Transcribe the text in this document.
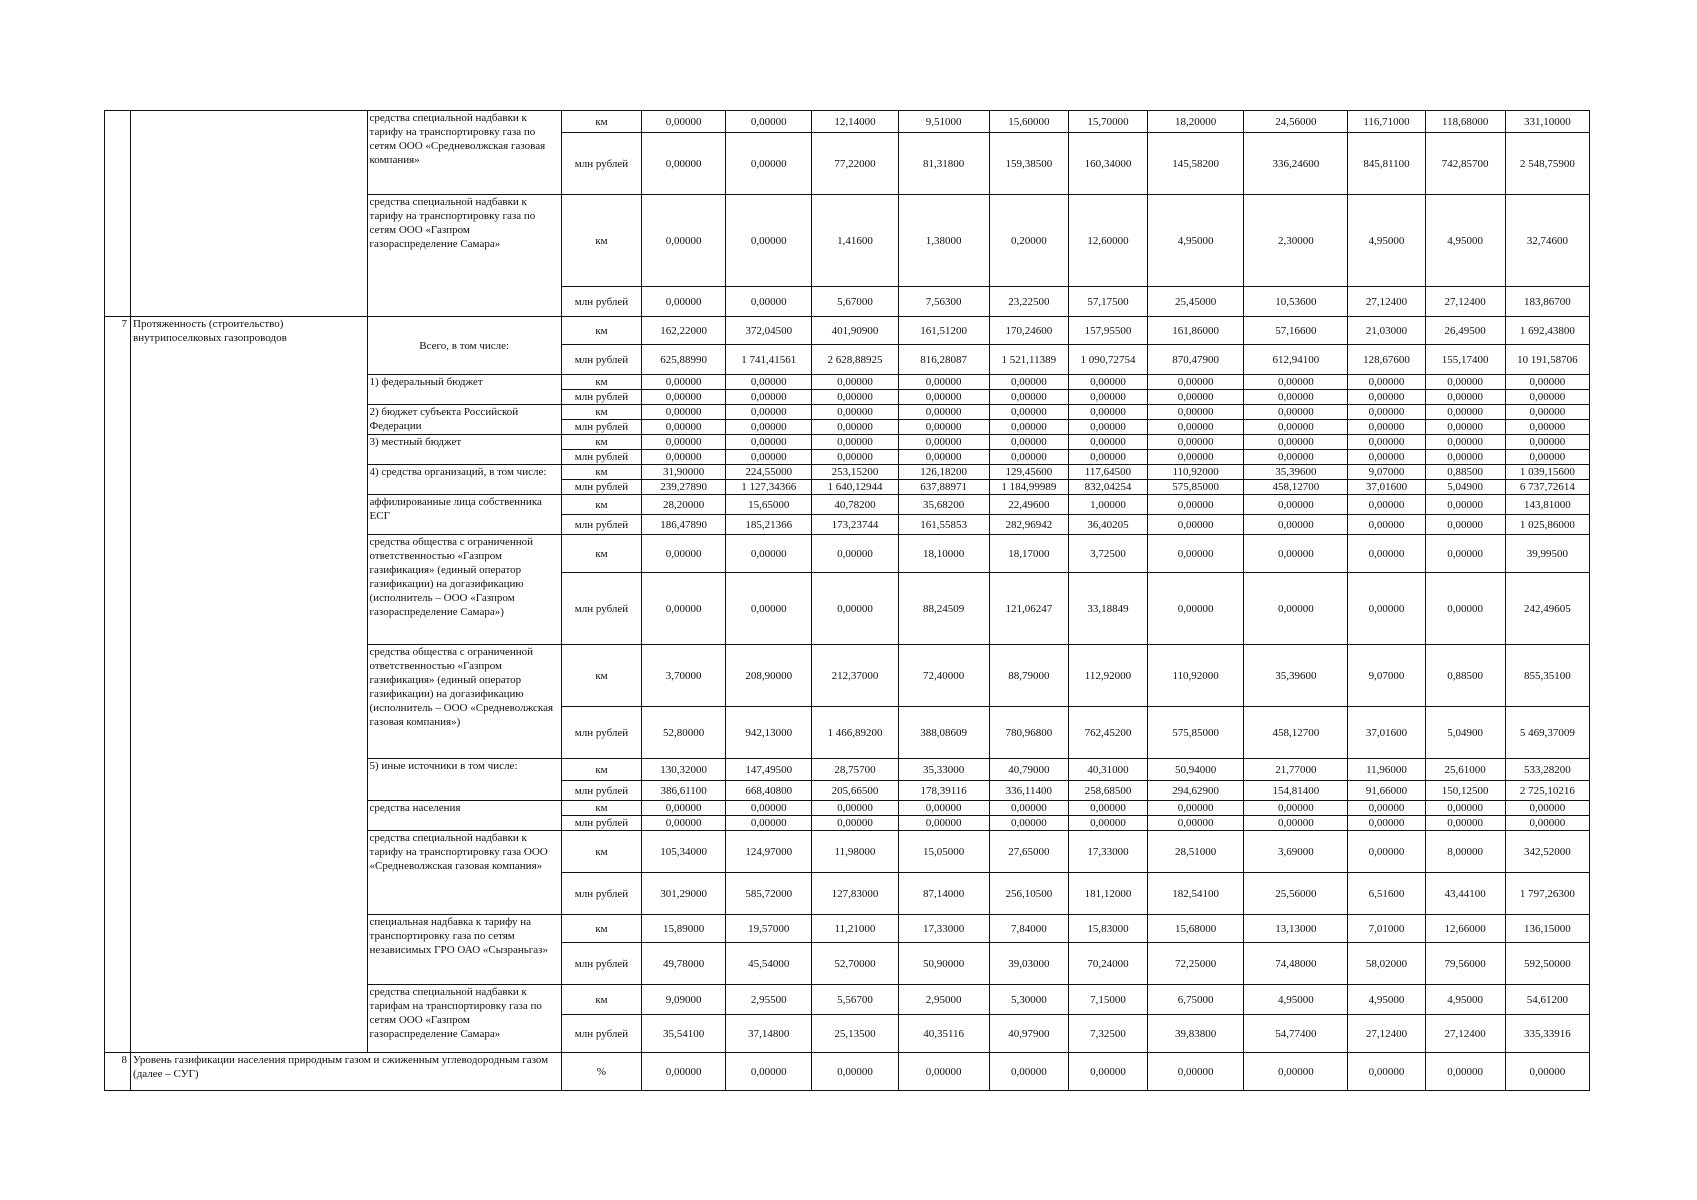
		средства специальной надбавки к тарифу на транспортировку газа по сетям ООО «Средневолжская газовая компания»	км	0,00000	0,00000	12,14000	9,51000	15,60000	15,70000	18,20000	24,56000	116,71000	118,68000	331,10000
			млн рублей	0,00000	0,00000	77,22000	81,31800	159,38500	160,34000	145,58200	336,24600	845,81100	742,85700	2 548,75900
		средства специальной надбавки к тарифу на транспортировку газа по сетям ООО «Газпром газораспределение Самара»	км	0,00000	0,00000	1,41600	1,38000	0,20000	12,60000	4,95000	2,30000	4,95000	4,95000	32,74600
			млн рублей	0,00000	0,00000	5,67000	7,56300	23,22500	57,17500	25,45000	10,53600	27,12400	27,12400	183,86700
7	Протяженность (строительство) внутрипоселковых газопроводов	Всего, в том числе:	км	162,22000	372,04500	401,90900	161,51200	170,24600	157,95500	161,86000	57,16600	21,03000	26,49500	1 692,43800
			млн рублей	625,88990	1 741,41561	2 628,88925	816,28087	1 521,11389	1 090,72754	870,47900	612,94100	128,67600	155,17400	10 191,58706
		1) федеральный бюджет	км	0,00000	0,00000	0,00000	0,00000	0,00000	0,00000	0,00000	0,00000	0,00000	0,00000	0,00000
			млн рублей	0,00000	0,00000	0,00000	0,00000	0,00000	0,00000	0,00000	0,00000	0,00000	0,00000	0,00000
		2) бюджет субъекта Российской Федерации	км	0,00000	0,00000	0,00000	0,00000	0,00000	0,00000	0,00000	0,00000	0,00000	0,00000	0,00000
			млн рублей	0,00000	0,00000	0,00000	0,00000	0,00000	0,00000	0,00000	0,00000	0,00000	0,00000	0,00000
		3) местный бюджет	км	0,00000	0,00000	0,00000	0,00000	0,00000	0,00000	0,00000	0,00000	0,00000	0,00000	0,00000
			млн рублей	0,00000	0,00000	0,00000	0,00000	0,00000	0,00000	0,00000	0,00000	0,00000	0,00000	0,00000
		4) средства организаций, в том числе:	км	31,90000	224,55000	253,15200	126,18200	129,45600	117,64500	110,92000	35,39600	9,07000	0,88500	1 039,15600
			млн рублей	239,27890	1 127,34366	1 640,12944	637,88971	1 184,99989	832,04254	575,85000	458,12700	37,01600	5,04900	6 737,72614
		аффилированные лица собственника ЕСГ	км	28,20000	15,65000	40,78200	35,68200	22,49600	1,00000	0,00000	0,00000	0,00000	0,00000	143,81000
			млн рублей	186,47890	185,21366	173,23744	161,55853	282,96942	36,40205	0,00000	0,00000	0,00000	0,00000	1 025,86000
		средства общества с ограниченной ответственностью «Газпром газификация» (единый оператор газификации) на догазификацию (исполнитель – ООО «Газпром газораспределение Самара»)	км	0,00000	0,00000	0,00000	18,10000	18,17000	3,72500	0,00000	0,00000	0,00000	0,00000	39,99500
			млн рублей	0,00000	0,00000	0,00000	88,24509	121,06247	33,18849	0,00000	0,00000	0,00000	0,00000	242,49605
		средства общества с ограниченной ответственностью «Газпром газификация» (единый оператор газификации) на догазификацию (исполнитель – ООО «Средневолжская газовая компания»)	км	3,70000	208,90000	212,37000	72,40000	88,79000	112,92000	110,92000	35,39600	9,07000	0,88500	855,35100
			млн рублей	52,80000	942,13000	1 466,89200	388,08609	780,96800	762,45200	575,85000	458,12700	37,01600	5,04900	5 469,37009
		5) иные источники в том числе:	км	130,32000	147,49500	28,75700	35,33000	40,79000	40,31000	50,94000	21,77000	11,96000	25,61000	533,28200
			млн рублей	386,61100	668,40800	205,66500	178,39116	336,11400	258,68500	294,62900	154,81400	91,66000	150,12500	2 725,10216
		средства населения	км	0,00000	0,00000	0,00000	0,00000	0,00000	0,00000	0,00000	0,00000	0,00000	0,00000	0,00000
			млн рублей	0,00000	0,00000	0,00000	0,00000	0,00000	0,00000	0,00000	0,00000	0,00000	0,00000	0,00000
		средства специальной надбавки к тарифу на транспортировку газа ООО «Средневолжская газовая компания»	км	105,34000	124,97000	11,98000	15,05000	27,65000	17,33000	28,51000	3,69000	0,00000	8,00000	342,52000
			млн рублей	301,29000	585,72000	127,83000	87,14000	256,10500	181,12000	182,54100	25,56000	6,51600	43,44100	1 797,26300
		специальная надбавка к тарифу на транспортировку газа по сетям независимых ГРО ОАО «Сызраньгаз»	км	15,89000	19,57000	11,21000	17,33000	7,84000	15,83000	15,68000	13,13000	7,01000	12,66000	136,15000
			млн рублей	49,78000	45,54000	52,70000	50,90000	39,03000	70,24000	72,25000	74,48000	58,02000	79,56000	592,50000
		средства специальной надбавки к тарифам на транспортировку газа по сетям ООО «Газпром газораспределение Самара»	км	9,09000	2,95500	5,56700	2,95000	5,30000	7,15000	6,75000	4,95000	4,95000	4,95000	54,61200
			млн рублей	35,54100	37,14800	25,13500	40,35116	40,97900	7,32500	39,83800	54,77400	27,12400	27,12400	335,33916
8	Уровень газификации населения природным газом и сжиженным углеводородным газом (далее – СУГ)		%	0,00000	0,00000	0,00000	0,00000	0,00000	0,00000	0,00000	0,00000	0,00000	0,00000	0,00000
